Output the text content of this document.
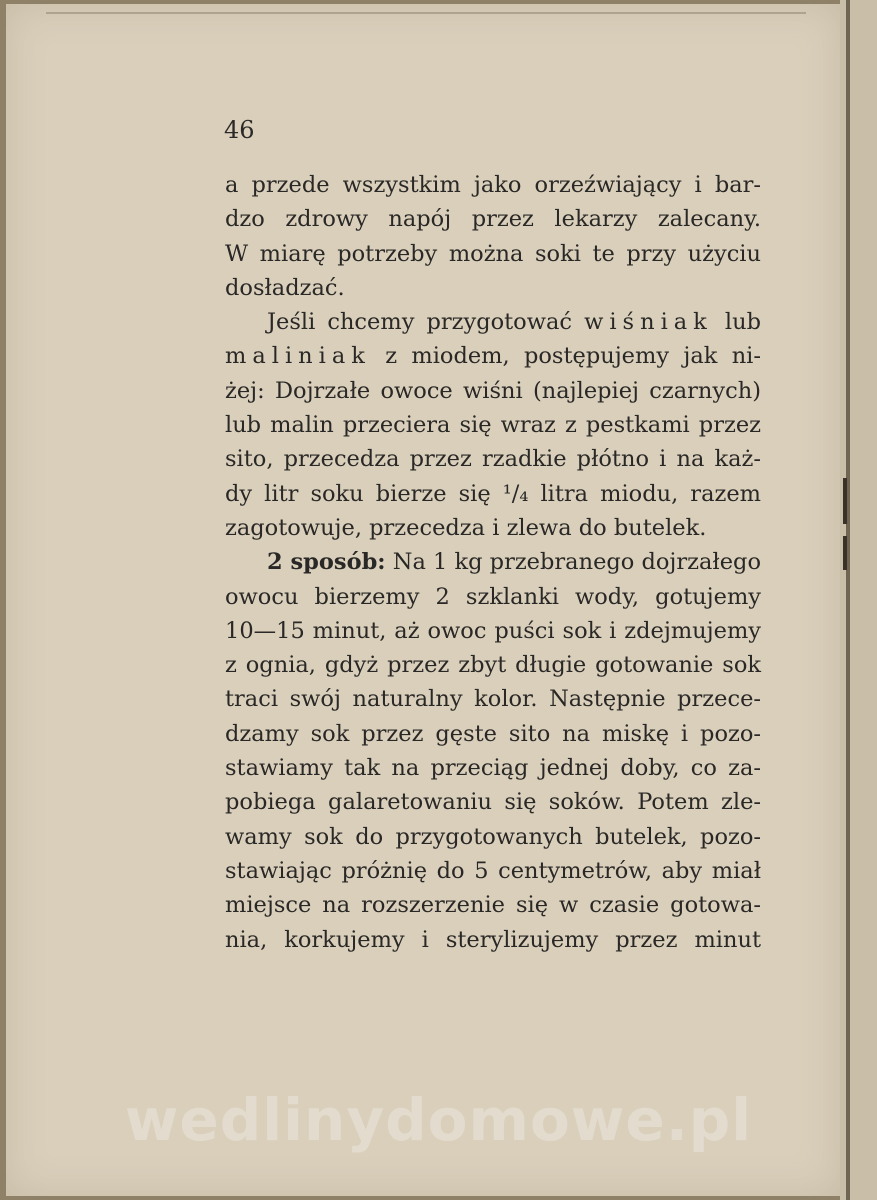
46
a przede wszystkim jako orzeźwiający i bar-
dzo zdrowy napój przez lekarzy zalecany.
W miarę potrzeby można soki te przy użyciu
dosładzać.
Jeśli chcemy przygotować wiśniak lub
maliniak z miodem, postępujemy jak ni-
żej: Dojrzałe owoce wiśni (najlepiej czarnych)
lub malin przeciera się wraz z pestkami przez
sito, przecedza przez rzadkie płótno i na każ-
dy litr soku bierze się ¹/₄ litra miodu, razem
zagotowuje, przecedza i zlewa do butelek.
2 sposób: Na 1 kg przebranego dojrzałego
owocu bierzemy 2 szklanki wody, gotujemy
10—15 minut, aż owoc puści sok i zdejmujemy
z ognia, gdyż przez zbyt długie gotowanie sok
traci swój naturalny kolor. Następnie przece-
dzamy sok przez gęste sito na miskę i pozo-
stawiamy tak na przeciąg jednej doby, co za-
pobiega galaretowaniu się soków. Potem zle-
wamy sok do przygotowanych butelek, pozo-
stawiając próżnię do 5 centymetrów, aby miał
miejsce na rozszerzenie się w czasie gotowa-
nia, korkujemy i sterylizujemy przez minut
wedlinydomowe.pl
